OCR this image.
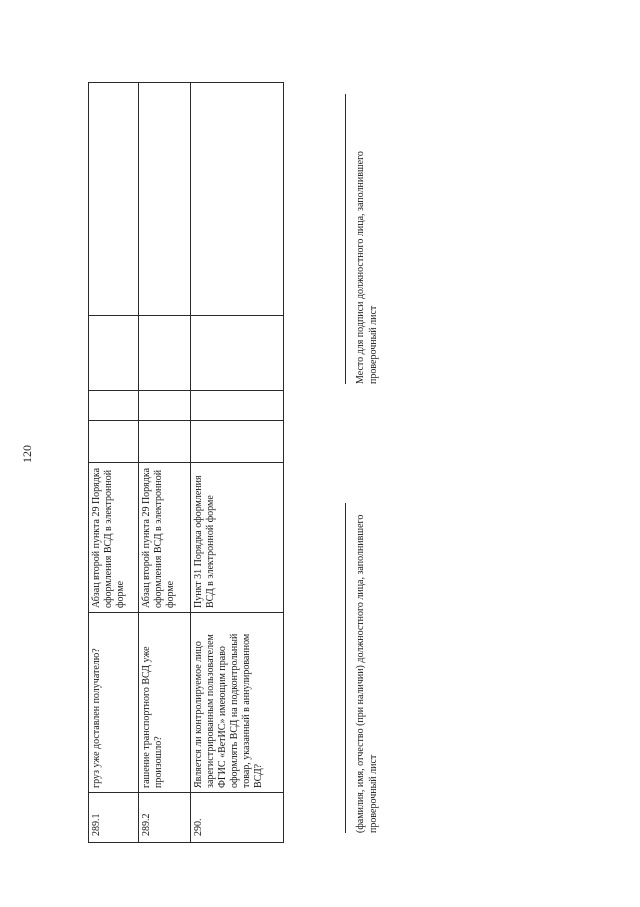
120
289.1	груз уже доставлен получателю?	Абзац второй пункта 29 Порядка оформления ВСД в электронной форме				
289.2	гашение транспортного ВСД уже произошло?	Абзац второй пункта 29 Порядка оформления ВСД в электронной форме				
290.	Является ли контролируемое лицо зарегистрированным пользователем ФГИС «ВетИС» имеющим право оформлять ВСД на подконтрольный товар, указанный в аннулированном ВСД?	Пункт 31 Порядка оформления ВСД в электронной форме					(фамилия, имя, отчество (при наличии) должностного лица, заполнившего проверочный лист
Место для подписи должностного лица, заполнившего проверочный лист
